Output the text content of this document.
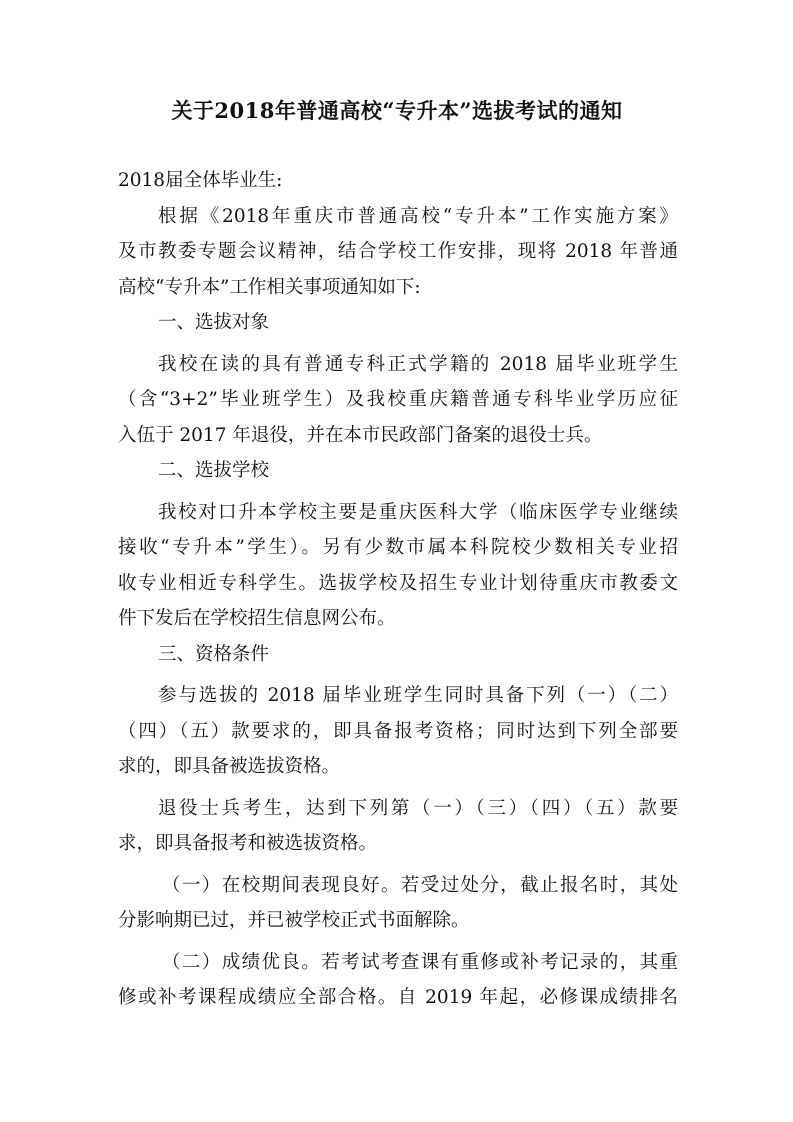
关于2018年普通高校“专升本”选拔考试的通知
2018届全体毕业生:
根据《2018年重庆市普通高校“专升本”工作实施方案》
及市教委专题会议精神，结合学校工作安排，现将 2018 年普通
高校“专升本”工作相关事项通知如下:
一、选拔对象
我校在读的具有普通专科正式学籍的 2018 届毕业班学生
（含“3+2”毕业班学生）及我校重庆籍普通专科毕业学历应征
入伍于 2017 年退役，并在本市民政部门备案的退役士兵。
二、选拔学校
我校对口升本学校主要是重庆医科大学（临床医学专业继续
接收“专升本”学生）。另有少数市属本科院校少数相关专业招
收专业相近专科学生。选拔学校及招生专业计划待重庆市教委文
件下发后在学校招生信息网公布。
三、资格条件
参与选拔的 2018 届毕业班学生同时具备下列（一）（二）
（四）（五）款要求的，即具备报考资格；同时达到下列全部要
求的，即具备被选拔资格。
退役士兵考生，达到下列第（一）（三）（四）（五）款要
求，即具备报考和被选拔资格。
（一）在校期间表现良好。若受过处分，截止报名时，其处
分影响期已过，并已被学校正式书面解除。
（二）成绩优良。若考试考查课有重修或补考记录的，其重
修或补考课程成绩应全部合格。自 2019 年起，必修课成绩排名
